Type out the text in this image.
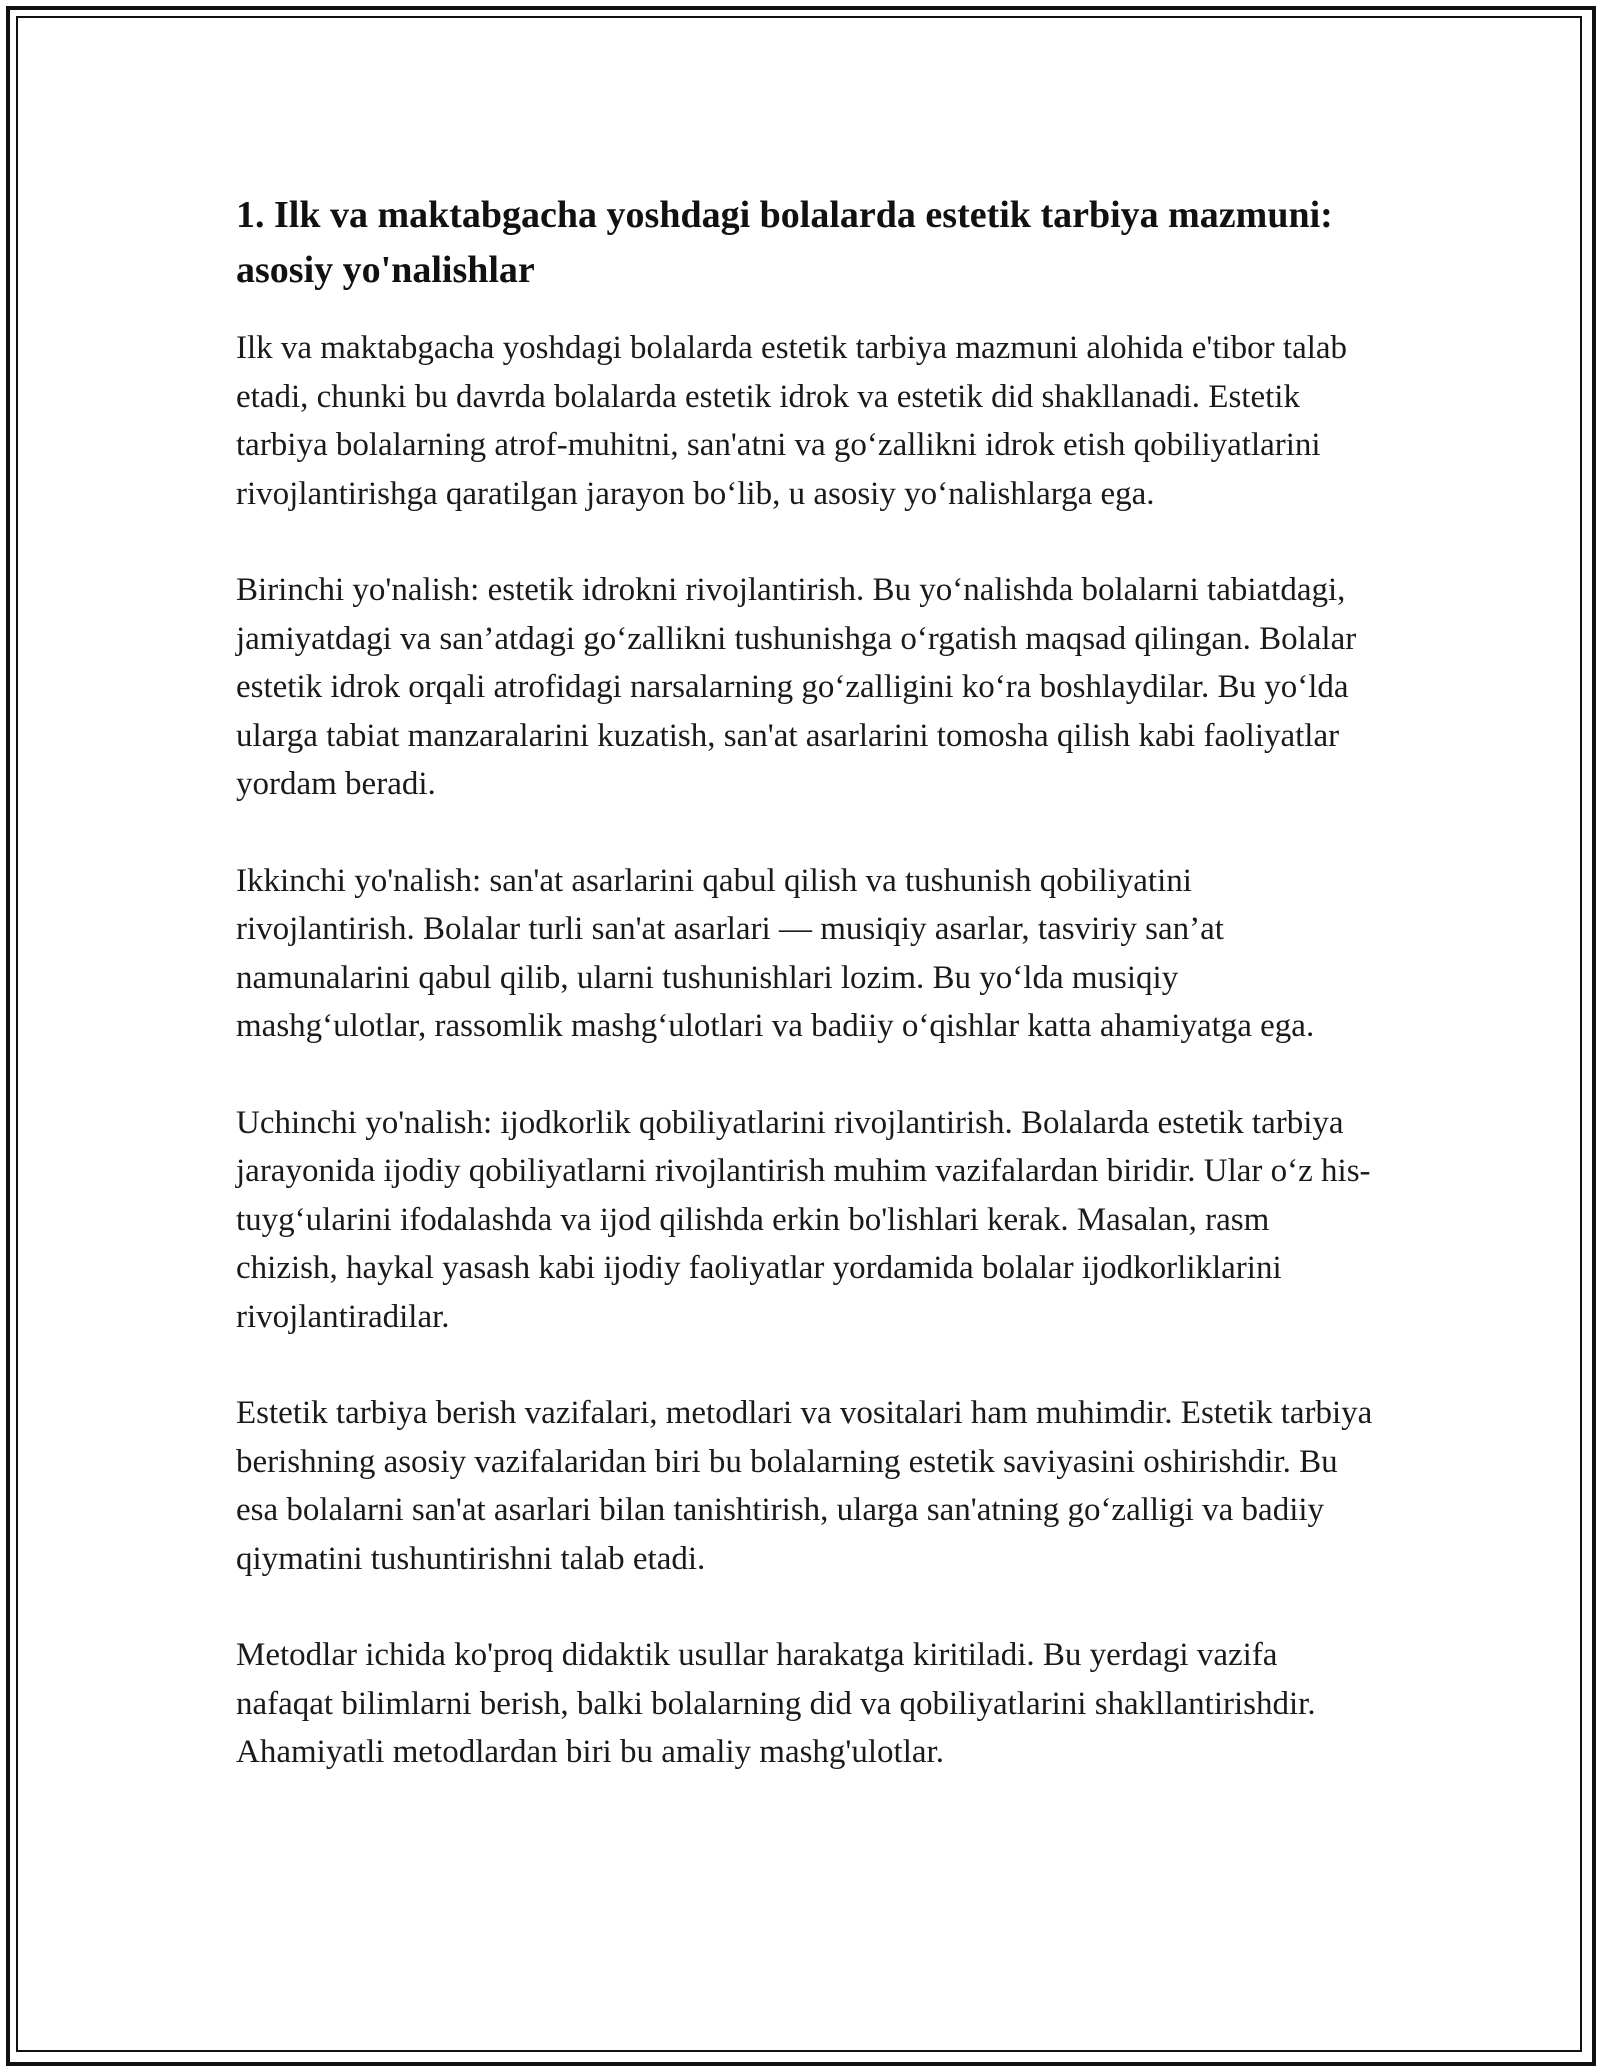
1. Ilk va maktabgacha yoshdagi bolalarda estetik tarbiya mazmuni: asosiy yo'nalishlar

Ilk va maktabgacha yoshdagi bolalarda estetik tarbiya mazmuni alohida e'tibor talab etadi, chunki bu davrda bolalarda estetik idrok va estetik did shakllanadi. Estetik tarbiya bolalarning atrof-muhitni, san'atni va go‘zallikni idrok etish qobiliyatlarini rivojlantirishga qaratilgan jarayon bo‘lib, u asosiy yo‘nalishlarga ega.

Birinchi yo'nalish: estetik idrokni rivojlantirish. Bu yo‘nalishda bolalarni tabiatdagi, jamiyatdagi va san’atdagi go‘zallikni tushunishga o‘rgatish maqsad qilingan. Bolalar estetik idrok orqali atrofidagi narsalarning go‘zalligini ko‘ra boshlaydilar. Bu yo‘lda ularga tabiat manzaralarini kuzatish, san'at asarlarini tomosha qilish kabi faoliyatlar yordam beradi.

Ikkinchi yo'nalish: san'at asarlarini qabul qilish va tushunish qobiliyatini rivojlantirish. Bolalar turli san'at asarlari — musiqiy asarlar, tasviriy san’at namunalarini qabul qilib, ularni tushunishlari lozim. Bu yo‘lda musiqiy mashg‘ulotlar, rassomlik mashg‘ulotlari va badiiy o‘qishlar katta ahamiyatga ega.

Uchinchi yo'nalish: ijodkorlik qobiliyatlarini rivojlantirish. Bolalarda estetik tarbiya jarayonida ijodiy qobiliyatlarni rivojlantirish muhim vazifalardan biridir. Ular o‘z his-tuyg‘ularini ifodalashda va ijod qilishda erkin bo'lishlari kerak. Masalan, rasm chizish, haykal yasash kabi ijodiy faoliyatlar yordamida bolalar ijodkorliklarini rivojlantiradilar.

Estetik tarbiya berish vazifalari, metodlari va vositalari ham muhimdir. Estetik tarbiya berishning asosiy vazifalaridan biri bu bolalarning estetik saviyasini oshirishdir. Bu esa bolalarni san'at asarlari bilan tanishtirish, ularga san'atning go‘zalligi va badiiy qiymatini tushuntirishni talab etadi.

Metodlar ichida ko'proq didaktik usullar harakatga kiritiladi. Bu yerdagi vazifa nafaqat bilimlarni berish, balki bolalarning did va qobiliyatlarini shakllantirishdir. Ahamiyatli metodlardan biri bu amaliy mashg'ulotlar.
